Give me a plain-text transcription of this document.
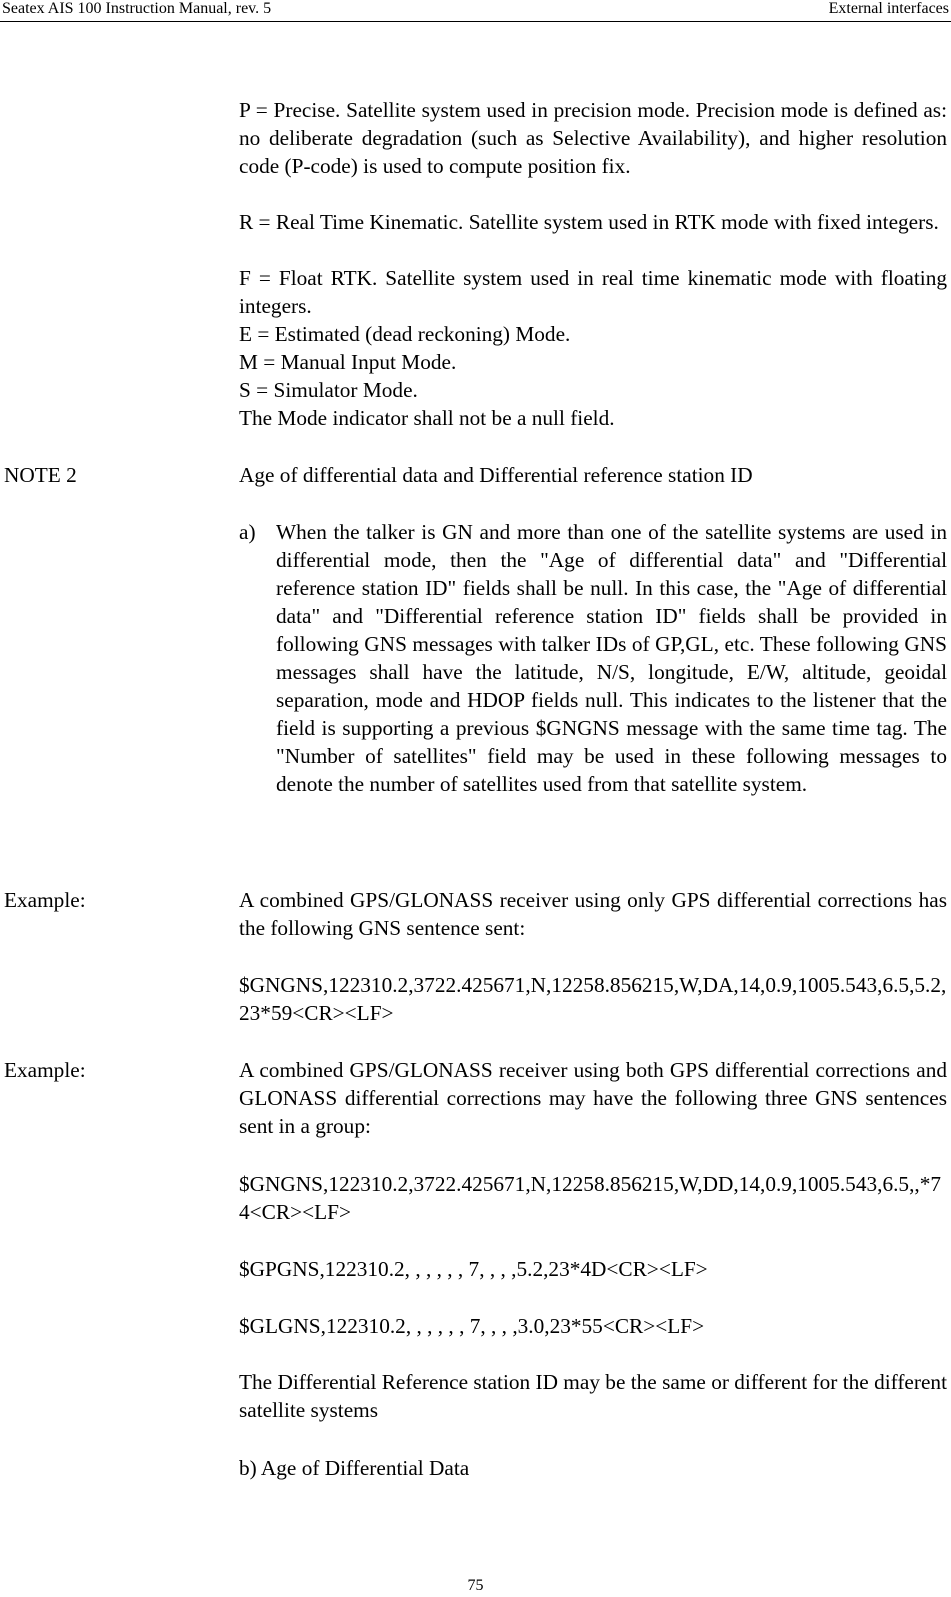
Seatex AIS 100 Instruction Manual, rev. 5	External interfaces

P = Precise. Satellite system used in precision mode. Precision mode is defined as: no deliberate degradation (such as Selective Availability), and higher resolution code (P-code) is used to compute position fix.

R = Real Time Kinematic. Satellite system used in RTK mode with fixed integers.

F = Float RTK. Satellite system used in real time kinematic mode with floating integers.

E = Estimated (dead reckoning) Mode.

M = Manual Input Mode.

S = Simulator Mode.

The Mode indicator shall not be a null field.

NOTE 2	Age of differential data and Differential reference station ID

a) When the talker is GN and more than one of the satellite systems are used in differential mode, then the "Age of differential data" and "Differential reference station ID" fields shall be null. In this case, the "Age of differential data" and "Differential reference station ID" fields shall be provided in following GNS messages with talker IDs of GP,GL, etc. These following GNS messages shall have the latitude, N/S, longitude, E/W, altitude, geoidal separation, mode and HDOP fields null. This indicates to the listener that the field is supporting a previous $GNGNS message with the same time tag. The "Number of satellites" field may be used in these following messages to denote the number of satellites used from that satellite system.
Example:	A combined GPS/GLONASS receiver using only GPS differential corrections has the following GNS sentence sent:

$GNGNS,122310.2,3722.425671,N,12258.856215,W,DA,14,0.9,1005.543,6.5,5.2,23*59<CR><LF>
Example:	A combined GPS/GLONASS receiver using both GPS differential corrections and GLONASS differential corrections may have the following three GNS sentences sent in a group:

$GNGNS,122310.2,3722.425671,N,12258.856215,W,DD,14,0.9,1005.543,6.5,,*74<CR><LF>
$GPGNS,122310.2, , , , , , 7, , , ,5.2,23*4D<CR><LF>
$GLGNS,122310.2, , , , , , 7, , , ,3.0,23*55<CR><LF>

The Differential Reference station ID may be the same or different for the different satellite systems

b) Age of Differential Data

75
